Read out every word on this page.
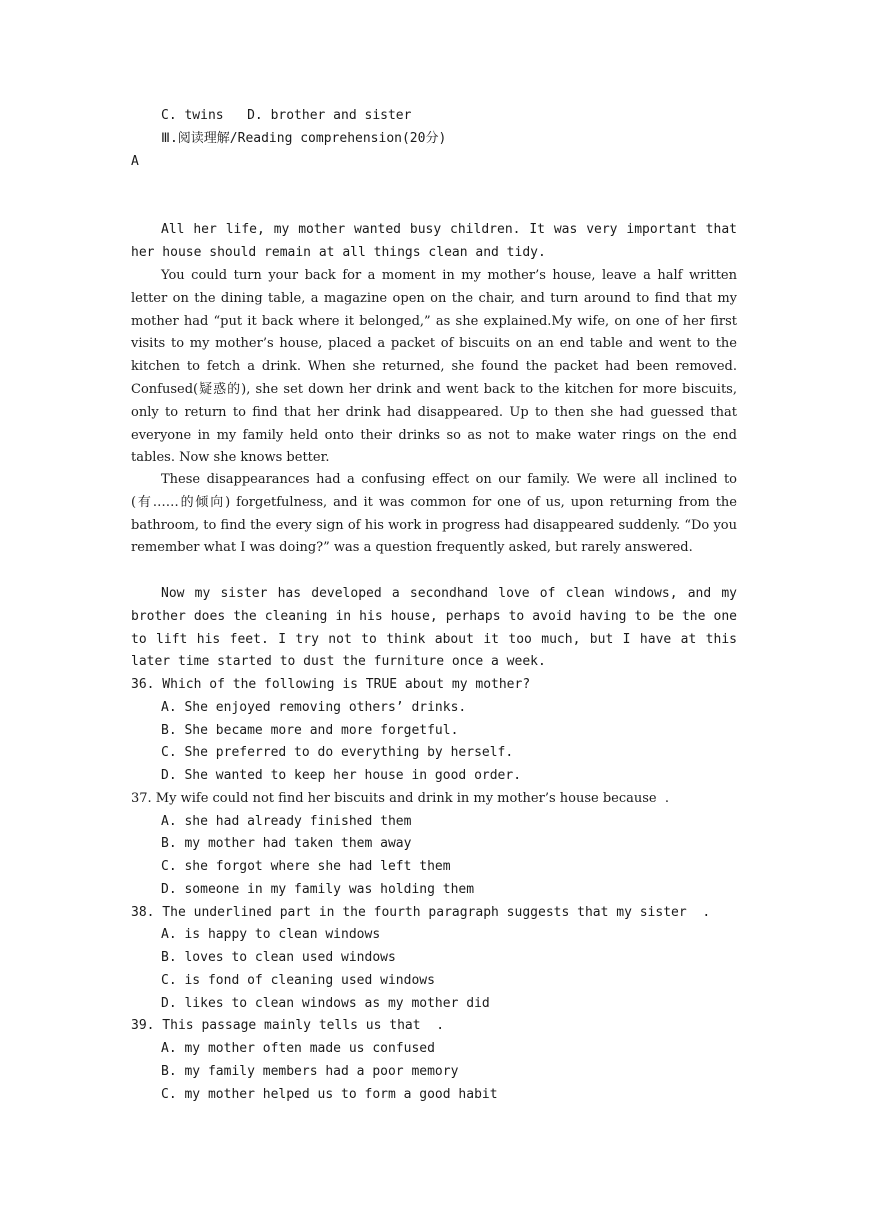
C. twins   D. brother and sister
Ⅲ.阅读理解/Reading comprehension(20分)
A

All her life, my mother wanted busy children. It was very important that her house should remain at all things clean and tidy.

You could turn your back for a moment in my mother’s house, leave a half written letter on the dining table, a magazine open on the chair, and turn around to find that my mother had “put it back where it belonged,” as she explained.My wife, on one of her first visits to my mother’s house, placed a packet of biscuits on an end table and went to the kitchen to fetch a drink. When she returned, she found the packet had been removed. Confused(疑惑的), she set down her drink and went back to the kitchen for more biscuits, only to return to find that her drink had disappeared. Up to then she had guessed that everyone in my family held onto their drinks so as not to make water rings on the end tables. Now she knows better.

These disappearances had a confusing effect on our family. We were all inclined to (有……的倾向) forgetfulness, and it was common for one of us, upon returning from the bathroom, to find the every sign of his work in progress had disappeared suddenly. “Do you remember what I was doing?” was a question frequently asked, but rarely answered.

Now my sister has developed a secondhand love of clean windows, and my brother does the cleaning in his house, perhaps to avoid having to be the one to lift his feet. I try not to think about it too much, but I have at this later time started to dust the furniture once a week.

36. Which of the following is TRUE about my mother?
A. She enjoyed removing others’ drinks.
B. She became more and more forgetful.
C. She preferred to do everything by herself.
D. She wanted to keep her house in good order.
37. My wife could not find her biscuits and drink in my mother’s house because  .
A. she had already finished them
B. my mother had taken them away
C. she forgot where she had left them
D. someone in my family was holding them
38. The underlined part in the fourth paragraph suggests that my sister  .
A. is happy to clean windows
B. loves to clean used windows
C. is fond of cleaning used windows
D. likes to clean windows as my mother did
39. This passage mainly tells us that  .
A. my mother often made us confused
B. my family members had a poor memory
C. my mother helped us to form a good habit
